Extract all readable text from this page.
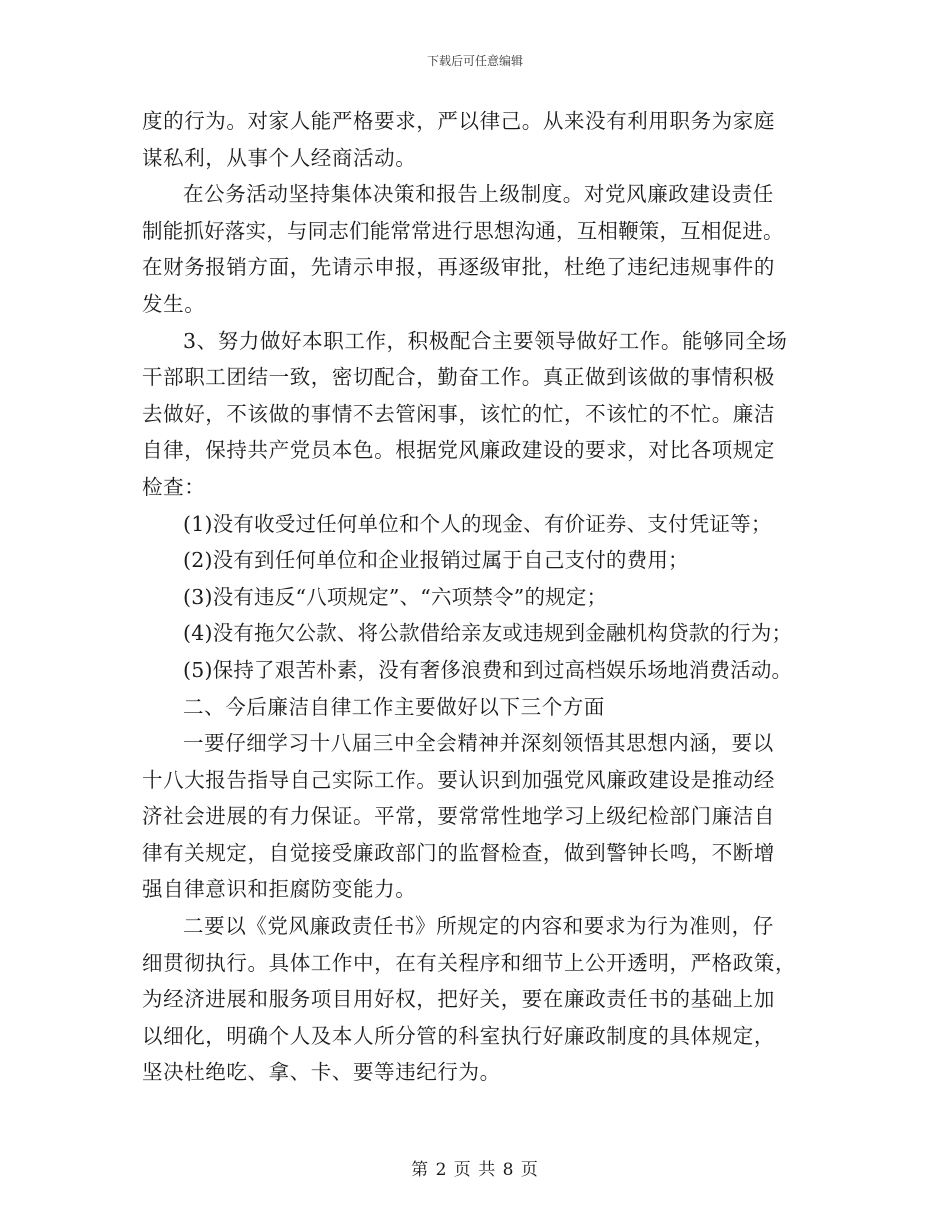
下载后可任意编辑
度的行为。对家人能严格要求，严以律己。从来没有利用职务为家庭
谋私利，从事个人经商活动。
在公务活动坚持集体决策和报告上级制度。对党风廉政建设责任
制能抓好落实，与同志们能常常进行思想沟通，互相鞭策，互相促进。
在财务报销方面，先请示申报，再逐级审批，杜绝了违纪违规事件的
发生。
3、努力做好本职工作，积极配合主要领导做好工作。能够同全场
干部职工团结一致，密切配合，勤奋工作。真正做到该做的事情积极
去做好，不该做的事情不去管闲事，该忙的忙，不该忙的不忙。廉洁
自律，保持共产党员本色。根据党风廉政建设的要求，对比各项规定
检查：
(1)没有收受过任何单位和个人的现金、有价证券、支付凭证等；
(2)没有到任何单位和企业报销过属于自己支付的费用；
(3)没有违反“八项规定”、“六项禁令”的规定；
(4)没有拖欠公款、将公款借给亲友或违规到金融机构贷款的行为；
(5)保持了艰苦朴素，没有奢侈浪费和到过高档娱乐场地消费活动。
二、今后廉洁自律工作主要做好以下三个方面
一要仔细学习十八届三中全会精神并深刻领悟其思想内涵，要以
十八大报告指导自己实际工作。要认识到加强党风廉政建设是推动经
济社会进展的有力保证。平常，要常常性地学习上级纪检部门廉洁自
律有关规定，自觉接受廉政部门的监督检查，做到警钟长鸣，不断增
强自律意识和拒腐防变能力。
二要以《党风廉政责任书》所规定的内容和要求为行为准则，仔
细贯彻执行。具体工作中，在有关程序和细节上公开透明，严格政策，
为经济进展和服务项目用好权，把好关，要在廉政责任书的基础上加
以细化，明确个人及本人所分管的科室执行好廉政制度的具体规定，
坚决杜绝吃、拿、卡、要等违纪行为。
第 2 页 共 8 页
